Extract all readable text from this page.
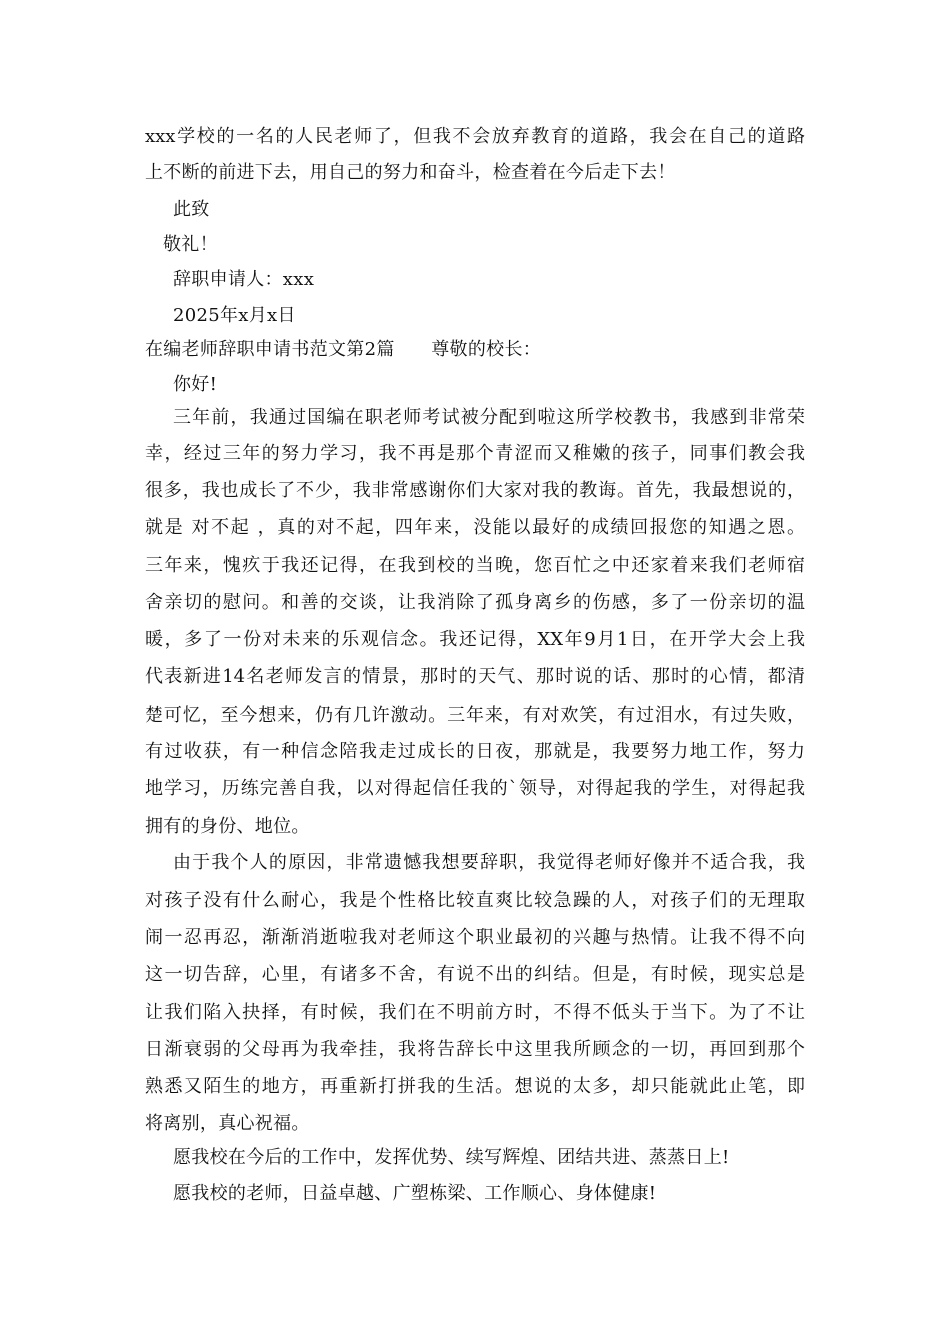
xxx学校的一名的人民老师了，但我不会放弃教育的道路，我会在自己的道路
上不断的前进下去，用自己的努力和奋斗，检查着在今后走下去！
此致
敬礼！
辞职申请人：xxx
2025年x月x日
在编老师辞职申请书范文第2篇　　尊敬的校长：
你好!
三年前，我通过国编在职老师考试被分配到啦这所学校教书，我感到非常荣
幸，经过三年的努力学习，我不再是那个青涩而又稚嫩的孩子，同事们教会我
很多，我也成长了不少，我非常感谢你们大家对我的教诲。首先，我最想说的，
就是 对不起 ，真的对不起，四年来，没能以最好的成绩回报您的知遇之恩。
三年来，愧疚于我还记得，在我到校的当晚，您百忙之中还家着来我们老师宿
舍亲切的慰问。和善的交谈，让我消除了孤身离乡的伤感，多了一份亲切的温
暖，多了一份对未来的乐观信念。我还记得，XX年9月1日，在开学大会上我
代表新进14名老师发言的情景，那时的天气、那时说的话、那时的心情，都清
楚可忆，至今想来，仍有几许激动。三年来，有对欢笑，有过泪水，有过失败，
有过收获，有一种信念陪我走过成长的日夜，那就是，我要努力地工作，努力
地学习，历练完善自我，以对得起信任我的`领导，对得起我的学生，对得起我
拥有的身份、地位。
由于我个人的原因，非常遗憾我想要辞职，我觉得老师好像并不适合我，我
对孩子没有什么耐心，我是个性格比较直爽比较急躁的人，对孩子们的无理取
闹一忍再忍，渐渐消逝啦我对老师这个职业最初的兴趣与热情。让我不得不向
这一切告辞，心里，有诸多不舍，有说不出的纠结。但是，有时候，现实总是
让我们陷入抉择，有时候，我们在不明前方时，不得不低头于当下。为了不让
日渐衰弱的父母再为我牵挂，我将告辞长中这里我所顾念的一切，再回到那个
熟悉又陌生的地方，再重新打拼我的生活。想说的太多，却只能就此止笔，即
将离别，真心祝福。
愿我校在今后的工作中，发挥优势、续写辉煌、团结共进、蒸蒸日上!
愿我校的老师，日益卓越、广塑栋梁、工作顺心、身体健康!
